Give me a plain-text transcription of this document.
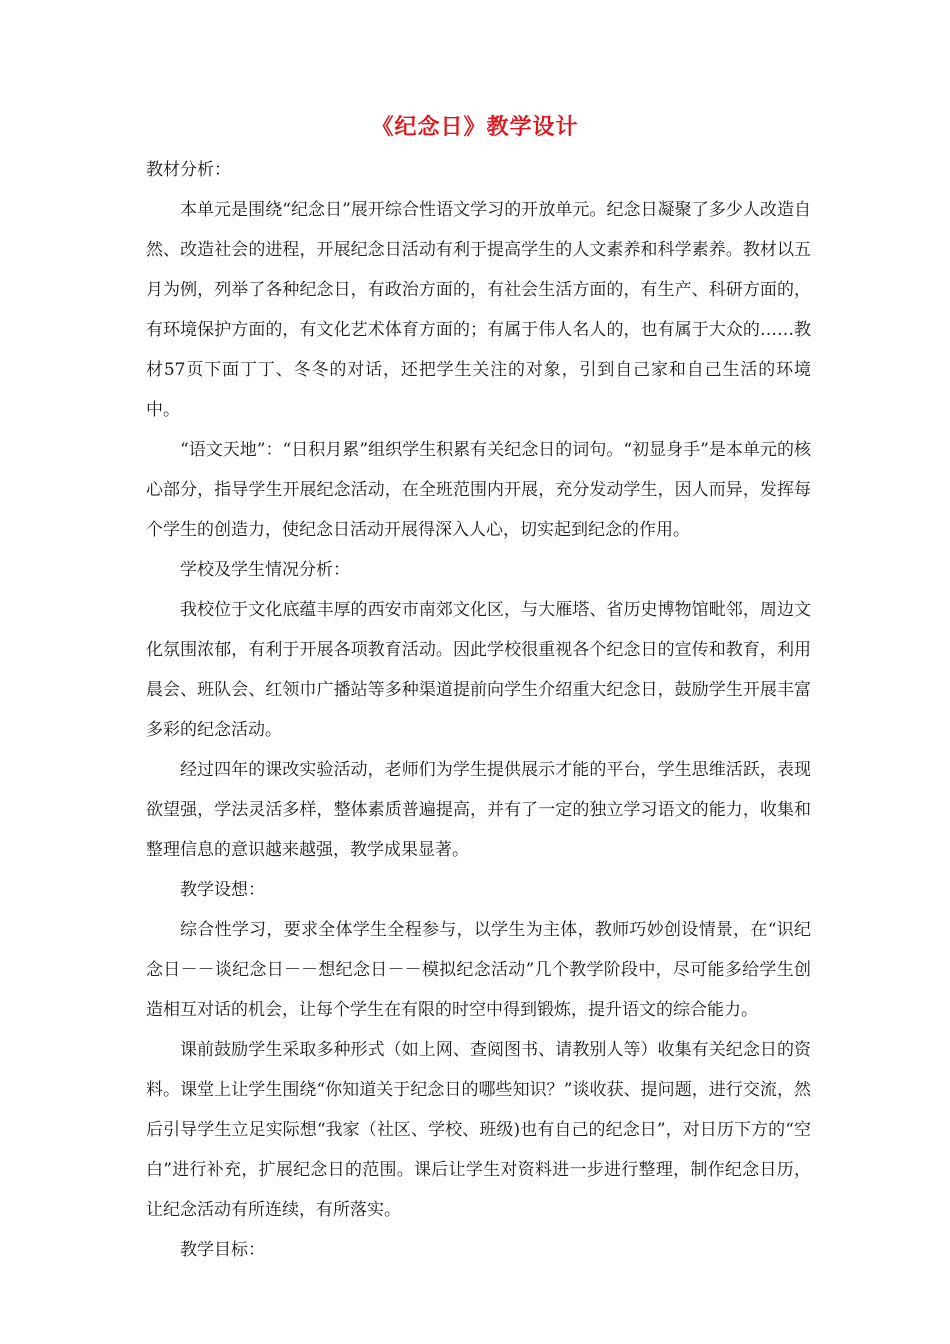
《纪念日》教学设计

教材分析：

本单元是围绕“纪念日”展开综合性语文学习的开放单元。纪念日凝聚了多少人改造自然、改造社会的进程，开展纪念日活动有利于提高学生的人文素养和科学素养。教材以五月为例，列举了各种纪念日，有政治方面的，有社会生活方面的，有生产、科研方面的，有环境保护方面的，有文化艺术体育方面的；有属于伟人名人的，也有属于大众的……教材57页下面丁丁、冬冬的对话，还把学生关注的对象，引到自己家和自己生活的环境中。

“语文天地”：“日积月累”组织学生积累有关纪念日的词句。“初显身手”是本单元的核心部分，指导学生开展纪念活动，在全班范围内开展，充分发动学生，因人而异，发挥每个学生的创造力，使纪念日活动开展得深入人心，切实起到纪念的作用。

学校及学生情况分析：

我校位于文化底蕴丰厚的西安市南郊文化区，与大雁塔、省历史博物馆毗邻，周边文化氛围浓郁，有利于开展各项教育活动。因此学校很重视各个纪念日的宣传和教育，利用晨会、班队会、红领巾广播站等多种渠道提前向学生介绍重大纪念日，鼓励学生开展丰富多彩的纪念活动。

经过四年的课改实验活动，老师们为学生提供展示才能的平台，学生思维活跃，表现欲望强，学法灵活多样，整体素质普遍提高，并有了一定的独立学习语文的能力，收集和整理信息的意识越来越强，教学成果显著。

教学设想：

综合性学习，要求全体学生全程参与，以学生为主体，教师巧妙创设情景，在“识纪念日－－谈纪念日－－想纪念日－－模拟纪念活动”几个教学阶段中，尽可能多给学生创造相互对话的机会，让每个学生在有限的时空中得到锻炼，提升语文的综合能力。

课前鼓励学生采取多种形式（如上网、查阅图书、请教别人等）收集有关纪念日的资料。课堂上让学生围绕“你知道关于纪念日的哪些知识？”谈收获、提问题，进行交流，然后引导学生立足实际想“我家（社区、学校、班级)也有自己的纪念日”，对日历下方的“空白”进行补充，扩展纪念日的范围。课后让学生对资料进一步进行整理，制作纪念日历，让纪念活动有所连续，有所落实。

教学目标：
